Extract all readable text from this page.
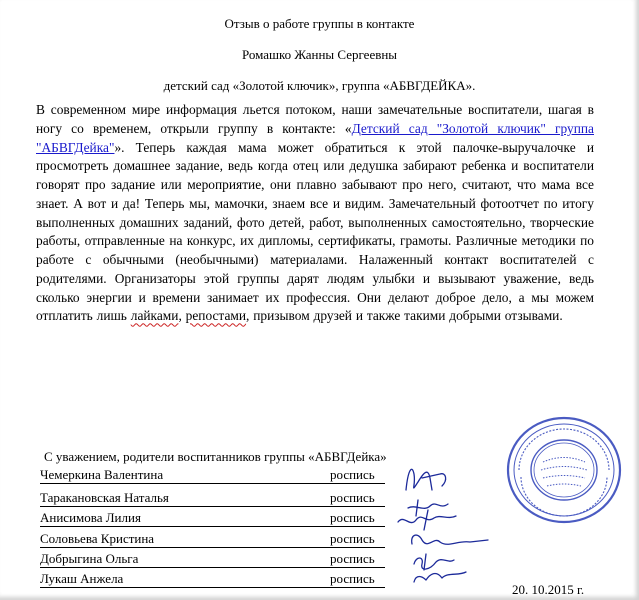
Отзыв о работе группы в контакте
Ромашко Жанны Сергеевны
детский сад «Золотой ключик», группа «АБВГДЕЙКА».
В современном мире информация льется потоком, наши замечательные воспитатели, шагая в ногу со временем, открыли группу в контакте: «Детский сад "Золотой ключик" группа "АБВГДейка"». Теперь каждая мама может обратиться к этой палочке-выручалочке и просмотреть домашнее задание, ведь когда отец или дедушка забирают ребенка и воспитатели говорят про задание или мероприятие, они плавно забывают про него, считают, что мама все знает. А вот и да! Теперь мы, мамочки, знаем все и видим. Замечательный фотоотчет по итогу выполненных домашних заданий, фото детей, работ, выполненных самостоятельно, творческие работы, отправленные на конкурс, их дипломы, сертификаты, грамоты. Различные методики по работе с обычными (необычными) материалами. Налаженный контакт воспитателей с родителями. Организаторы этой группы дарят людям улыбки и вызывают уважение, ведь сколько энергии и времени занимает их профессия. Они делают доброе дело, а мы можем отплатить лишь лайками, репостами, призывом друзей и также такими добрыми отзывами.
С уважением, родители воспитанников группы «АБВГДейка»
Чемеркина Валентина	роспись
Таракановская Наталья	роспись
Анисимова Лилия	роспись
Соловьева Кристина	роспись
Добрыгина Ольга	роспись
Лукаш Анжела	роспись
20. 10.2015 г.
